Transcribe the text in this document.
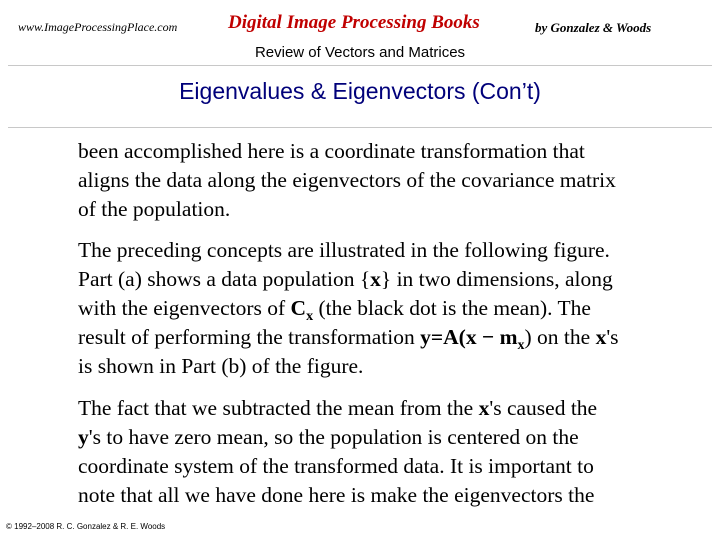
www.ImageProcessingPlace.com	Digital Image Processing Books	by Gonzalez & Woods
Review of Vectors and Matrices
Eigenvalues & Eigenvectors (Con’t)
been accomplished here is a coordinate transformation that
aligns the data along the eigenvectors of the covariance matrix
of the population.
The preceding concepts are illustrated in the following figure.
Part (a) shows a data population {x} in two dimensions, along
with the eigenvectors of $C_x$ (the black dot is the mean). The
result of performing the transformation $y=A(x - m_x)$ on the x's
is shown in Part (b) of the figure.
The fact that we subtracted the mean from the x's caused the
y's to have zero mean, so the population is centered on the
coordinate system of the transformed data. It is important to
note that all we have done here is make the eigenvectors the
© 1992–2008 R. C. Gonzalez & R. E. Woods
